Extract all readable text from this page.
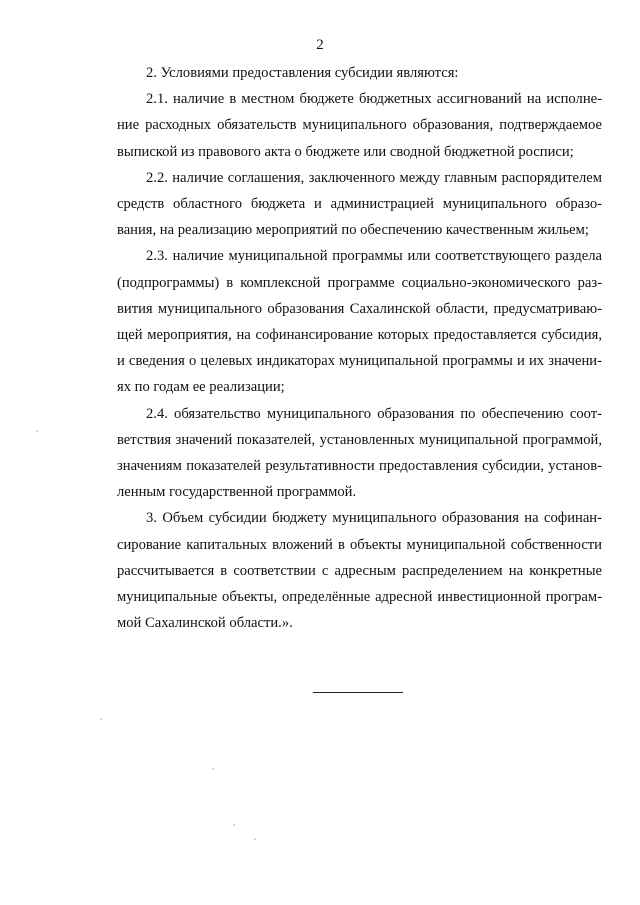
2

2. Условиями предоставления субсидии являются:

2.1. наличие в местном бюджете бюджетных ассигнований на исполнение расходных обязательств муниципального образования, подтверждаемое выпиской из правового акта о бюджете или сводной бюджетной росписи;

2.2. наличие соглашения, заключенного между главным распорядителем средств областного бюджета и администрацией муниципального образования, на реализацию мероприятий по обеспечению качественным жильем;

2.3. наличие муниципальной программы или соответствующего раздела (подпрограммы) в комплексной программе социально-экономического развития муниципального образования Сахалинской области, предусматривающей мероприятия, на софинансирование которых предоставляется субсидия, и сведения о целевых индикаторах муниципальной программы и их значениях по годам ее реализации;

2.4. обязательство муниципального образования по обеспечению соответствия значений показателей, установленных муниципальной программой, значениям показателей результативности предоставления субсидии, установленным государственной программой.

3. Объем субсидии бюджету муниципального образования на софинансирование капитальных вложений в объекты муниципальной собственности рассчитывается в соответствии с адресным распределением на конкретные муниципальные объекты, определённые адресной инвестиционной программой Сахалинской области.».
